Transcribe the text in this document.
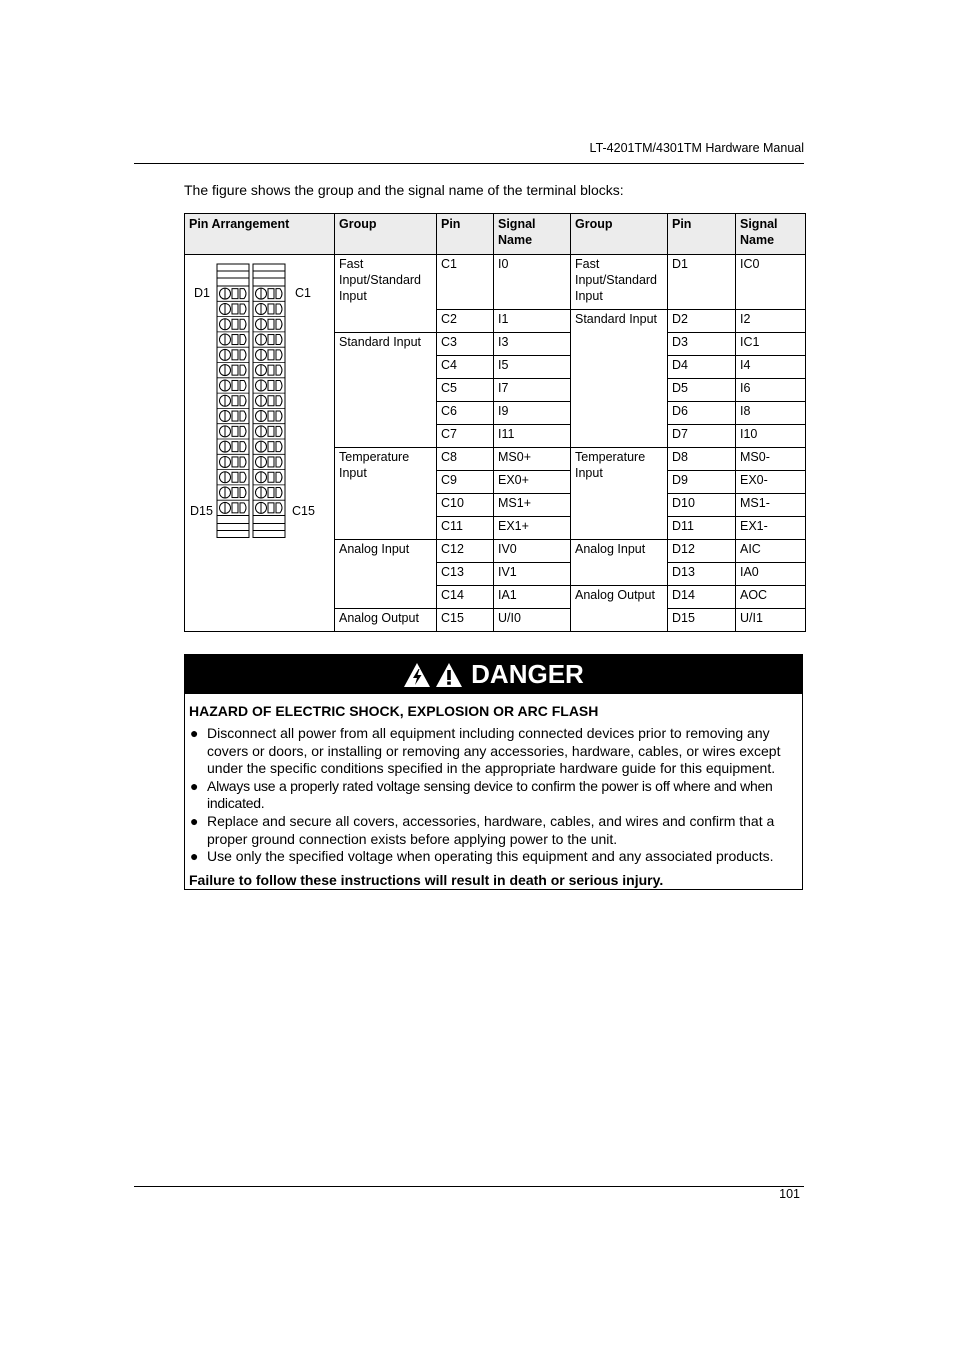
LT-4201TM/4301TM Hardware Manual
The figure shows the group and the signal name of the terminal blocks:
Pin Arrangement	Group	Pin	Signal Name	Group	Pin	Signal Name

D1 C1
D15 C15	Fast Input/Standard Input	C1	I0	Fast Input/Standard Input	D1	IC0
		C2	I1	Standard Input	D2	I2
	Standard Input	C3	I3		D3	IC1
		C4	I5		D4	I4
		C5	I7		D5	I6
		C6	I9		D6	I8
		C7	I11		D7	I10
	Temperature Input	C8	MS0+	Temperature Input	D8	MS0-
		C9	EX0+		D9	EX0-
		C10	MS1+		D10	MS1-
		C11	EX1+		D11	EX1-
	Analog Input	C12	IV0	Analog Input	D12	AIC
		C13	IV1		D13	IA0
		C14	IA1	Analog Output	D14	AOC
	Analog Output	C15	U/I0		D15	U/I1
DANGER
HAZARD OF ELECTRIC SHOCK, EXPLOSION OR ARC FLASH
● Disconnect all power from all equipment including connected devices prior to removing any covers or doors, or installing or removing any accessories, hardware, cables, or wires except under the specific conditions specified in the appropriate hardware guide for this equipment.
● Always use a properly rated voltage sensing device to confirm the power is off where and when indicated.
● Replace and secure all covers, accessories, hardware, cables, and wires and confirm that a proper ground connection exists before applying power to the unit.
● Use only the specified voltage when operating this equipment and any associated products.
Failure to follow these instructions will result in death or serious injury.
101
